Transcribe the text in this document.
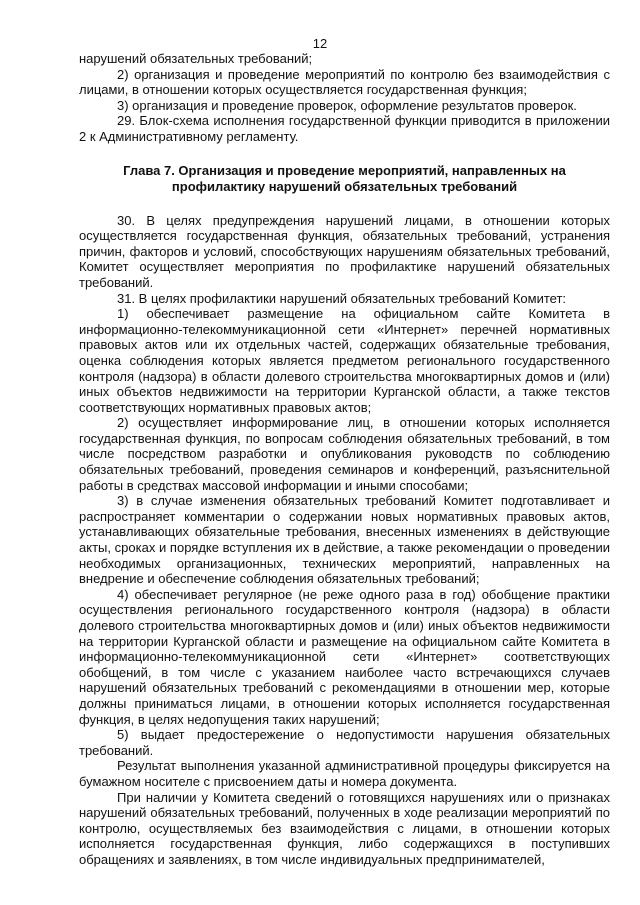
12

нарушений обязательных требований;

2) организация и проведение мероприятий по контролю без взаимодействия с лицами, в отношении которых осуществляется государственная функция;

3) организация и проведение проверок, оформление результатов проверок.

29. Блок-схема исполнения государственной функции приводится в приложении 2 к Административному регламенту.

Глава 7. Организация и проведение мероприятий, направленных на профилактику нарушений обязательных требований

30. В целях предупреждения нарушений лицами, в отношении которых осуществляется государственная функция, обязательных требований, устранения причин, факторов и условий, способствующих нарушениям обязательных требований, Комитет осуществляет мероприятия по профилактике нарушений обязательных требований.

31. В целях профилактики нарушений обязательных требований Комитет:

1) обеспечивает размещение на официальном сайте Комитета в информационно-телекоммуникационной сети «Интернет» перечней нормативных правовых актов или их отдельных частей, содержащих обязательные требования, оценка соблюдения которых является предметом регионального государственного контроля (надзора) в области долевого строительства многоквартирных домов и (или) иных объектов недвижимости на территории Курганской области, а также текстов соответствующих нормативных правовых актов;

2) осуществляет информирование лиц, в отношении которых исполняется государственная функция, по вопросам соблюдения обязательных требований, в том числе посредством разработки и опубликования руководств по соблюдению обязательных требований, проведения семинаров и конференций, разъяснительной работы в средствах массовой информации и иными способами;

3) в случае изменения обязательных требований Комитет подготавливает и распространяет комментарии о содержании новых нормативных правовых актов, устанавливающих обязательные требования, внесенных изменениях в действующие акты, сроках и порядке вступления их в действие, а также рекомендации о проведении необходимых организационных, технических мероприятий, направленных на внедрение и обеспечение соблюдения обязательных требований;

4) обеспечивает регулярное (не реже одного раза в год) обобщение практики осуществления регионального государственного контроля (надзора) в области долевого строительства многоквартирных домов и (или) иных объектов недвижимости на территории Курганской области и размещение на официальном сайте Комитета в информационно-телекоммуникационной сети «Интернет» соответствующих обобщений, в том числе с указанием наиболее часто встречающихся случаев нарушений обязательных требований с рекомендациями в отношении мер, которые должны приниматься лицами, в отношении которых исполняется государственная функция, в целях недопущения таких нарушений;

5) выдает предостережение о недопустимости нарушения обязательных требований.

Результат выполнения указанной административной процедуры фиксируется на бумажном носителе с присвоением даты и номера документа.

При наличии у Комитета сведений о готовящихся нарушениях или о признаках нарушений обязательных требований, полученных в ходе реализации мероприятий по контролю, осуществляемых без взаимодействия с лицами, в отношении которых исполняется государственная функция, либо содержащихся в поступивших обращениях и заявлениях, в том числе индивидуальных предпринимателей,
